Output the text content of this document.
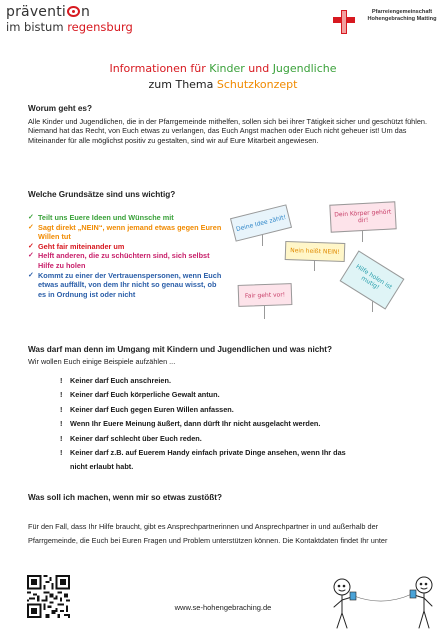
präventi n
im bistum regensburg
Pfarreiengemeinschaft Hohengebraching Matting
Informationen für Kinder und Jugendliche
zum Thema Schutzkonzept
Worum geht es?
Alle Kinder und Jugendlichen, die in der Pfarrgemeinde mithelfen, sollen sich bei ihrer Tätigkeit sicher und geschützt fühlen. Niemand hat das Recht, von Euch etwas zu verlangen, das Euch Angst machen oder Euch nicht geheuer ist! Um das Miteinander für alle möglichst positiv zu gestalten, sind wir auf Eure Mitarbeit angewiesen.
Welche Grundsätze sind uns wichtig?
✓ Teilt uns Euere Ideen und Wünsche mit
✓ Sagt direkt „NEIN“, wenn jemand etwas gegen Euren Willen tut
✓ Geht fair miteinander um
✓ Helft anderen, die zu schüchtern sind, sich selbst Hilfe zu holen
✓ Kommt zu einer der Vertrauenspersonen, wenn Euch etwas auffällt, von dem Ihr nicht so genau wisst, ob es in Ordnung ist oder nicht
Deine Idee zählt!	Dein Körper gehört dir!
Nein heißt NEIN!
Hilfe holen ist mutig!
Fair geht vor!
Was darf man denn im Umgang mit Kindern und Jugendlichen und was nicht?
Wir wollen Euch einige Beispiele aufzählen ...
! Keiner darf Euch anschreien.
! Keiner darf Euch körperliche Gewalt antun.
! Keiner darf Euch gegen Euren Willen anfassen.
! Wenn Ihr Euere Meinung äußert, dann dürft Ihr nicht ausgelacht werden.
! Keiner darf schlecht über Euch reden.
! Keiner darf z.B. auf Euerem Handy einfach private Dinge ansehen, wenn Ihr das
nicht erlaubt habt.
Was soll ich machen, wenn mir so etwas zustößt?
Für den Fall, dass Ihr Hilfe braucht, gibt es Ansprechpartnerinnen und Ansprechpartner in und außerhalb der Pfarrgemeinde, die Euch bei Euren Fragen und Problem unterstützen können. Die Kontaktdaten findet Ihr unter
www.se-hohengebraching.de
